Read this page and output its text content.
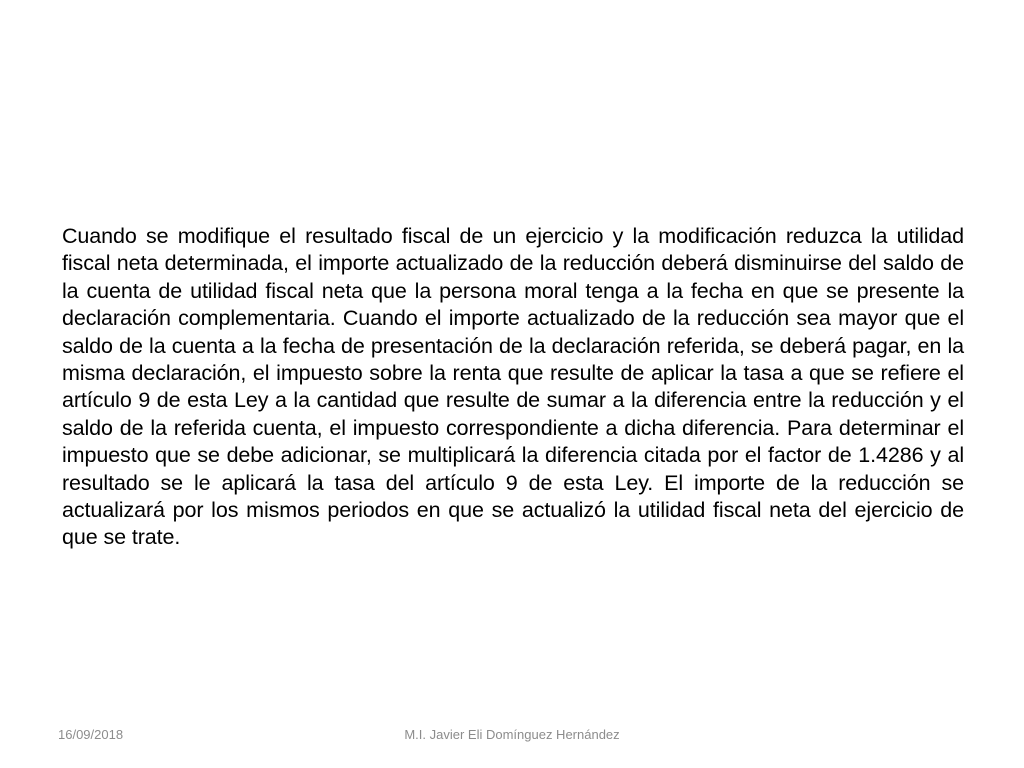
Cuando se modifique el resultado fiscal de un ejercicio y la modificación reduzca la utilidad fiscal neta determinada, el importe actualizado de la reducción deberá disminuirse del saldo de la cuenta de utilidad fiscal neta que la persona moral tenga a la fecha en que se presente la declaración complementaria. Cuando el importe actualizado de la reducción sea mayor que el saldo de la cuenta a la fecha de presentación de la declaración referida, se deberá pagar, en la misma declaración, el impuesto sobre la renta que resulte de aplicar la tasa a que se refiere el artículo 9 de esta Ley a la cantidad que resulte de sumar a la diferencia entre la reducción y el saldo de la referida cuenta, el impuesto correspondiente a dicha diferencia. Para determinar el impuesto que se debe adicionar, se multiplicará la diferencia citada por el factor de 1.4286 y al resultado se le aplicará la tasa del artículo 9 de esta Ley. El importe de la reducción se actualizará por los mismos periodos en que se actualizó la utilidad fiscal neta del ejercicio de que se trate.

M.I. Javier Eli Domínguez Hernández
16/09/2018
